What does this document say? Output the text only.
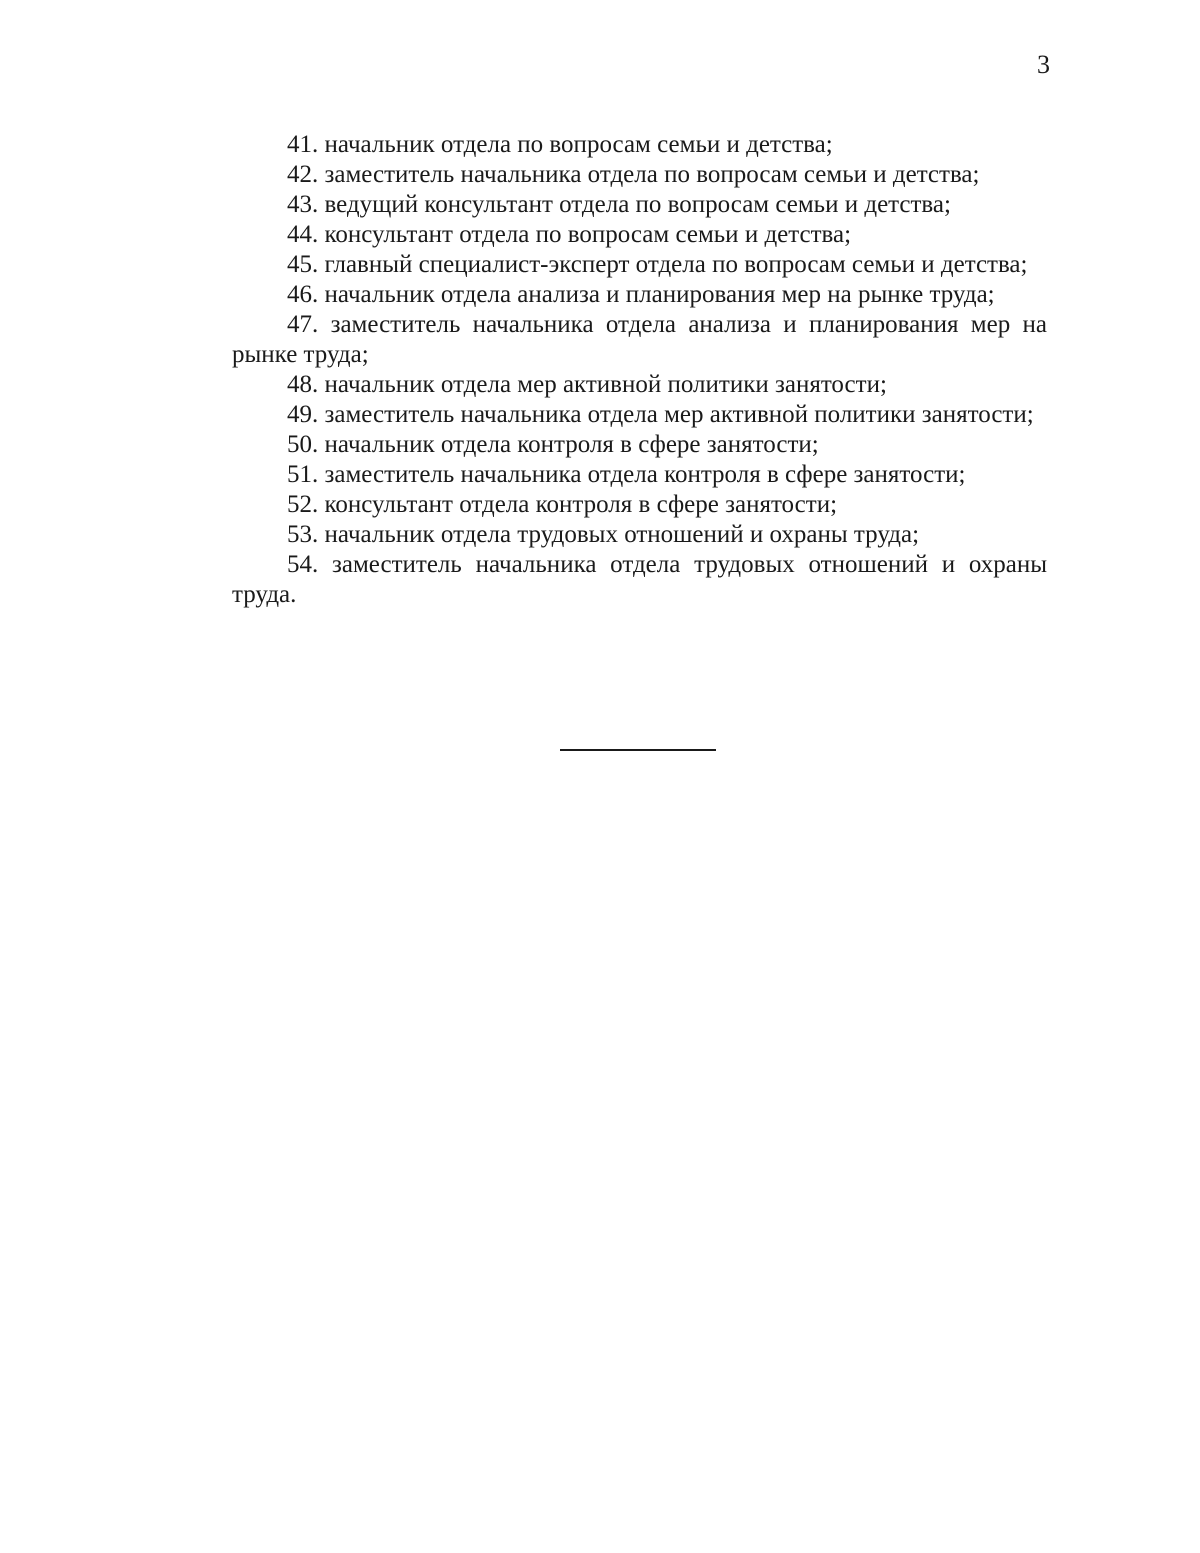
3

41. начальник отдела по вопросам семьи и детства;

42. заместитель начальника отдела по вопросам семьи и детства;

43. ведущий консультант отдела по вопросам семьи и детства;

44. консультант отдела по вопросам семьи и детства;

45. главный специалист-эксперт отдела по вопросам семьи и детства;

46. начальник отдела анализа и планирования мер на рынке труда;

47. заместитель начальника отдела анализа и планирования мер на рынке труда;

48. начальник отдела мер активной политики занятости;

49. заместитель начальника отдела мер активной политики занятости;

50. начальник отдела контроля в сфере занятости;

51. заместитель начальника отдела контроля в сфере занятости;

52. консультант отдела контроля в сфере занятости;

53. начальник отдела трудовых отношений и охраны труда;

54. заместитель начальника отдела трудовых отношений и охраны труда.
